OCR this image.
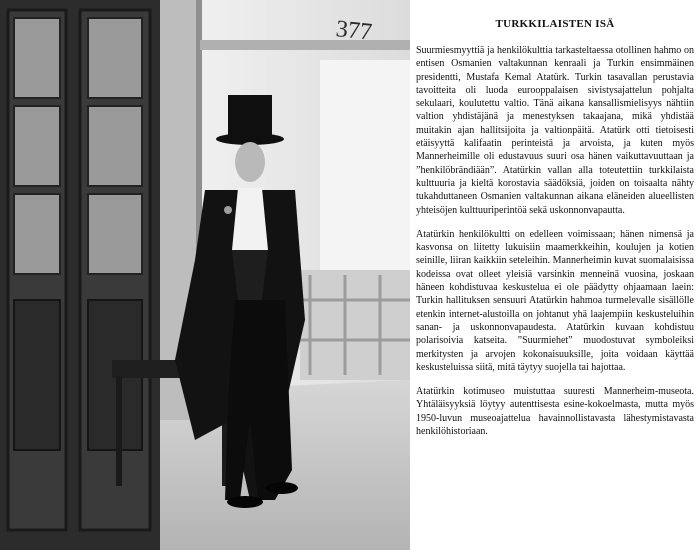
377	TURKKILAISTEN ISÄ

Suurmiesmyyttiä ja henkilökulttia tarkasteltaessa otollinen hahmo on entisen Osmanien valtakunnan kenraali ja Turkin ensimmäinen presidentti, Mustafa Kemal Atatürk. Turkin tasavallan perustavia tavoitteita oli luoda eurooppalaisen sivistysajattelun pohjalta sekulaari, koulutettu valtio. Tänä aikana kansallismielisyys nähtiin valtion yhdistäjänä ja menestyksen takaajana, mikä yhdistää muitakin ajan hallitsijoita ja valtionpäitä. Atatürk otti tietoisesti etäisyyttä kalifaatin perinteistä ja arvoista, ja kuten myös Mannerheimille oli edustavuus suuri osa hänen vaikuttavuuttaan ja ”henkilöbrändiään”. Atatürkin vallan alla toteutettiin turkkilaista kulttuuria ja kieltä korostavia säädöksiä, joiden on toisaalta nähty tukahduttaneen Osmanien valtakunnan aikana eläneiden alueellisten yhteisöjen kulttuuriperintöä sekä uskonnonvapautta.

Atatürkin henkilökultti on edelleen voimissaan; hänen nimensä ja kasvonsa on liitetty lukuisiin maamerkkeihin, koulujen ja kotien seinille, liiran kaikkiin seteleihin. Mannerheimin kuvat suomalaisissa kodeissa ovat olleet yleisiä varsinkin menneinä vuosina, joskaan häneen kohdistuvaa keskustelua ei ole päädytty ohjaamaan laein: Turkin hallituksen sensuuri Atatürkin hahmoa turmelevalle sisällölle etenkin internet-alustoilla on johtanut yhä laajempiin keskusteluihin sanan- ja uskonnonvapaudesta. Atatürkin kuvaan kohdistuu polarisoivia katseita. ”Suurmiehet” muodostuvat symboleiksi merkitysten ja arvojen kokonaisuuksille, joita voidaan käyttää keskusteluissa siitä, mitä täytyy suojella tai hajottaa.

Atatürkin kotimuseo muistuttaa suuresti Mannerheim-museota. Yhtäläisyyksiä löytyy autenttisesta esine-kokoelmasta, mutta myös 1950-luvun museoajattelua havainnollistavasta lähestymistavasta henkilöhistoriaan.
